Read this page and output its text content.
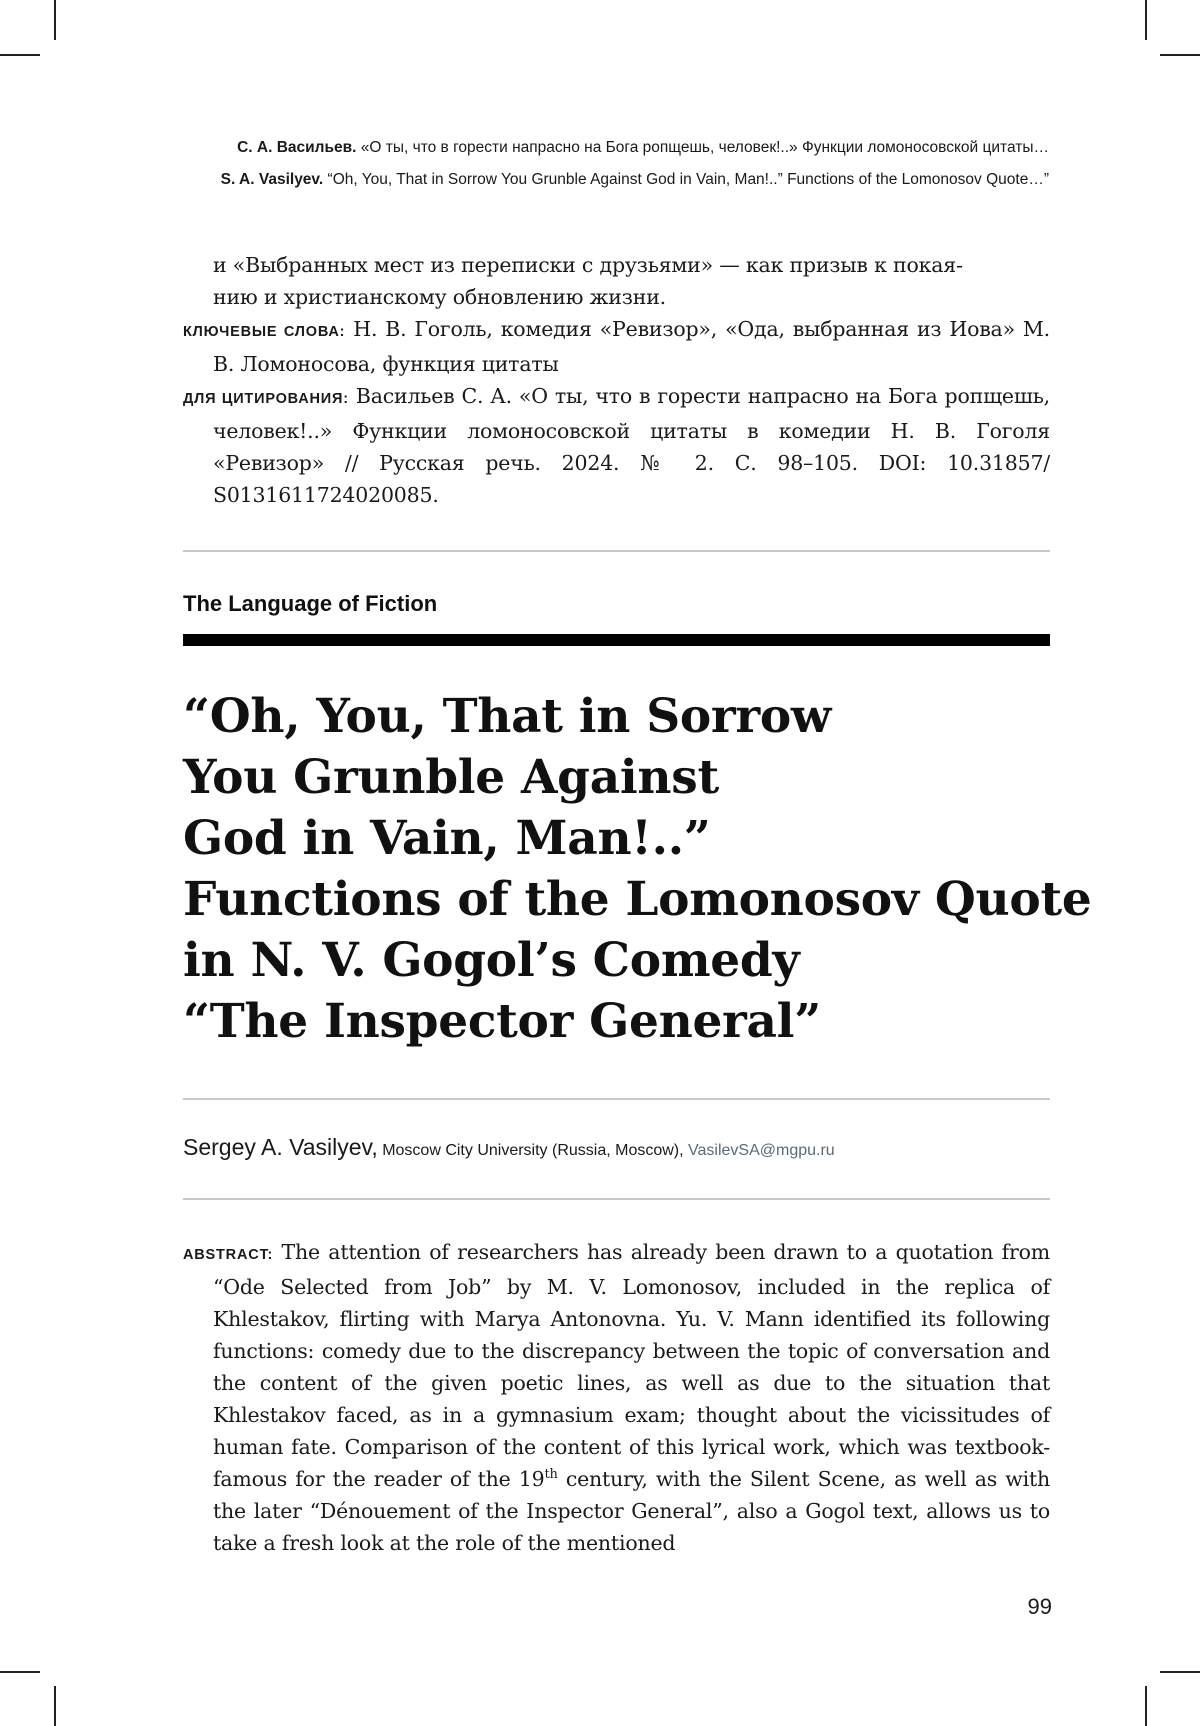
С. А. Васильев. «О ты, что в горести напрасно на Бога ропщешь, человек!..» Функции ломоносовской цитаты…
S. A. Vasilyev. “Oh, You, That in Sorrow You Grunble Against God in Vain, Man!..” Functions of the Lomonosov Quote…”
и «Выбранных мест из переписки с друзьями» — как призыв к покая-
нию и христианскому обновлению жизни.
КЛЮЧЕВЫЕ СЛОВА: Н. В. Гоголь, комедия «Ревизор», «Ода, выбранная из Иова» М. В. Ломоносова, функция цитаты
ДЛЯ ЦИТИРОВАНИЯ: Васильев С. А. «О ты, что в горести напрасно на Бога ропщешь, человек!..» Функции ломоносовской цитаты в комедии Н. В. Гоголя «Ревизор» // Русская речь. 2024. № 2. С. 98–105. DOI: 10.31857/ S0131611724020085.
The Language of Fiction
“Oh, You, That in Sorrow
You Grunble Against
God in Vain, Man!..”
Functions of the Lomonosov Quote
in N. V. Gogol’s Comedy
“The Inspector General”
Sergey A. Vasilyev, Moscow City University (Russia, Moscow), VasilevSA@mgpu.ru
ABSTRACT: The attention of researchers has already been drawn to a quotation from “Ode Selected from Job” by M. V. Lomonosov, included in the replica of Khlestakov, flirting with Marya Antonovna. Yu. V. Mann identified its following functions: comedy due to the discrepancy between the topic of conversation and the content of the given poetic lines, as well as due to the situation that Khlestakov faced, as in a gymnasium exam; thought about the vicissitudes of human fate. Comparison of the content of this lyrical work, which was textbook-famous for the reader of the 19th century, with the Silent Scene, as well as with the later “Dénouement of the Inspector General”, also a Gogol text, allows us to take a fresh look at the role of the mentioned
99
